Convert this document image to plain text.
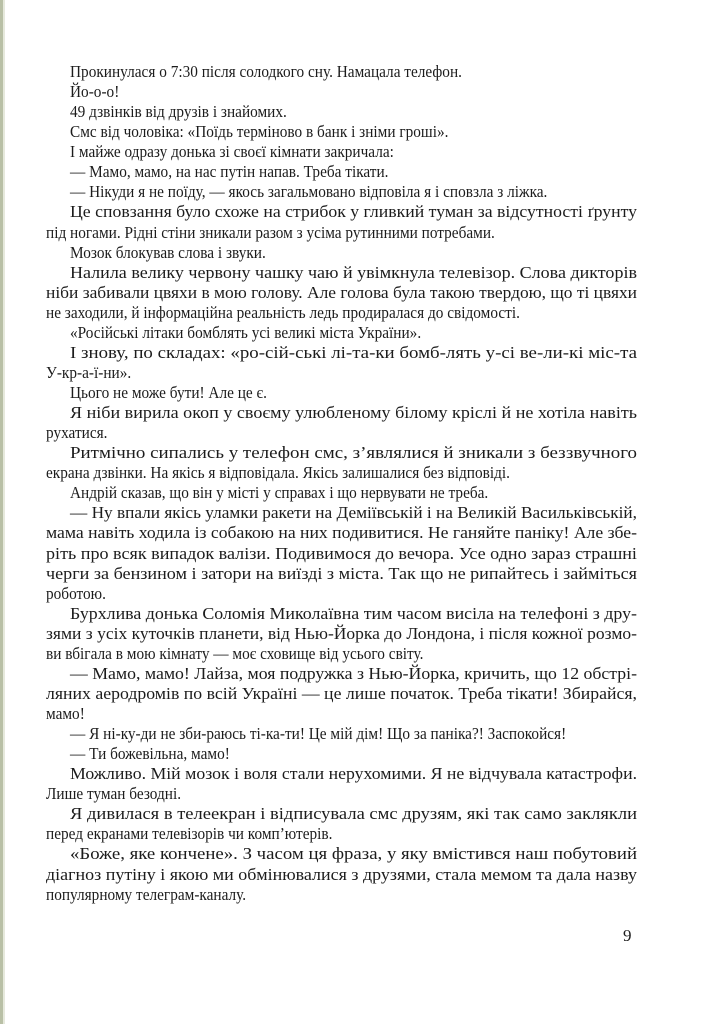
Прокинулася о 7:30 після солодкого сну. Намацала телефон.
Йо-о-о!
49 дзвінків від друзів і знайомих.
Смс від чоловіка: «Поїдь терміново в банк і зніми гроші».
І майже одразу донька зі своєї кімнати закричала:
— Мамо, мамо, на нас путін напав. Треба тікати.
— Нікуди я не поїду, — якось загальмовано відповіла я і сповзла з ліжка.
Це сповзання було схоже на стрибок у гливкий туман за відсутності ґрунту
під ногами. Рідні стіни зникали разом з усіма рутинними потребами.
Мозок блокував слова і звуки.
Налила велику червону чашку чаю й увімкнула телевізор. Слова дикторів
ніби забивали цвяхи в мою голову. Але голова була такою твердою, що ті цвяхи
не заходили, й інформаційна реальність ледь продиралася до свідомості.
«Російські літаки бомблять усі великі міста України».
І знову, по складах: «ро-сій-ські лі-та-ки бомб-лять у-сі ве-ли-кі міс-та
У-кр-а-ї-ни».
Цього не може бути! Але це є.
Я ніби вирила окоп у своєму улюбленому білому кріслі й не хотіла навіть
рухатися.
Ритмічно сипались у телефон смс, з’являлися й зникали з беззвучного
екрана дзвінки. На якісь я відповідала. Якісь залишалися без відповіді.
Андрій сказав, що він у місті у справах і що нервувати не треба.
— Ну впали якісь уламки ракети на Деміївській і на Великій Васильківській,
мама навіть ходила із собакою на них подивитися. Не ганяйте паніку! Але збе-
ріть про всяк випадок валізи. Подивимося до вечора. Усе одно зараз страшні
черги за бензином і затори на виїзді з міста. Так що не рипайтесь і займіться
роботою.
Бурхлива донька Соломія Миколаївна тим часом висіла на телефоні з дру-
зями з усіх куточків планети, від Нью-Йорка до Лондона, і після кожної розмо-
ви вбігала в мою кімнату — моє сховище від усього світу.
— Мамо, мамо! Лайза, моя подружка з Нью-Йорка, кричить, що 12 обстрі-
ляних аеродромів по всій Україні — це лише початок. Треба тікати! Збирайся,
мамо!
— Я ні-ку-ди не зби-раюсь ті-ка-ти! Це мій дім! Що за паніка?! Заспокойся!
— Ти божевільна, мамо!
Можливо. Мій мозок і воля стали нерухомими. Я не відчувала катастрофи.
Лише туман безодні.
Я дивилася в телеекран і відписувала смс друзям, які так само заклякли
перед екранами телевізорів чи комп’ютерів.
«Боже, яке кончене». З часом ця фраза, у яку вмістився наш побутовий
діагноз путіну і якою ми обмінювалися з друзями, стала мемом та дала назву
популярному телеграм-каналу.
9
